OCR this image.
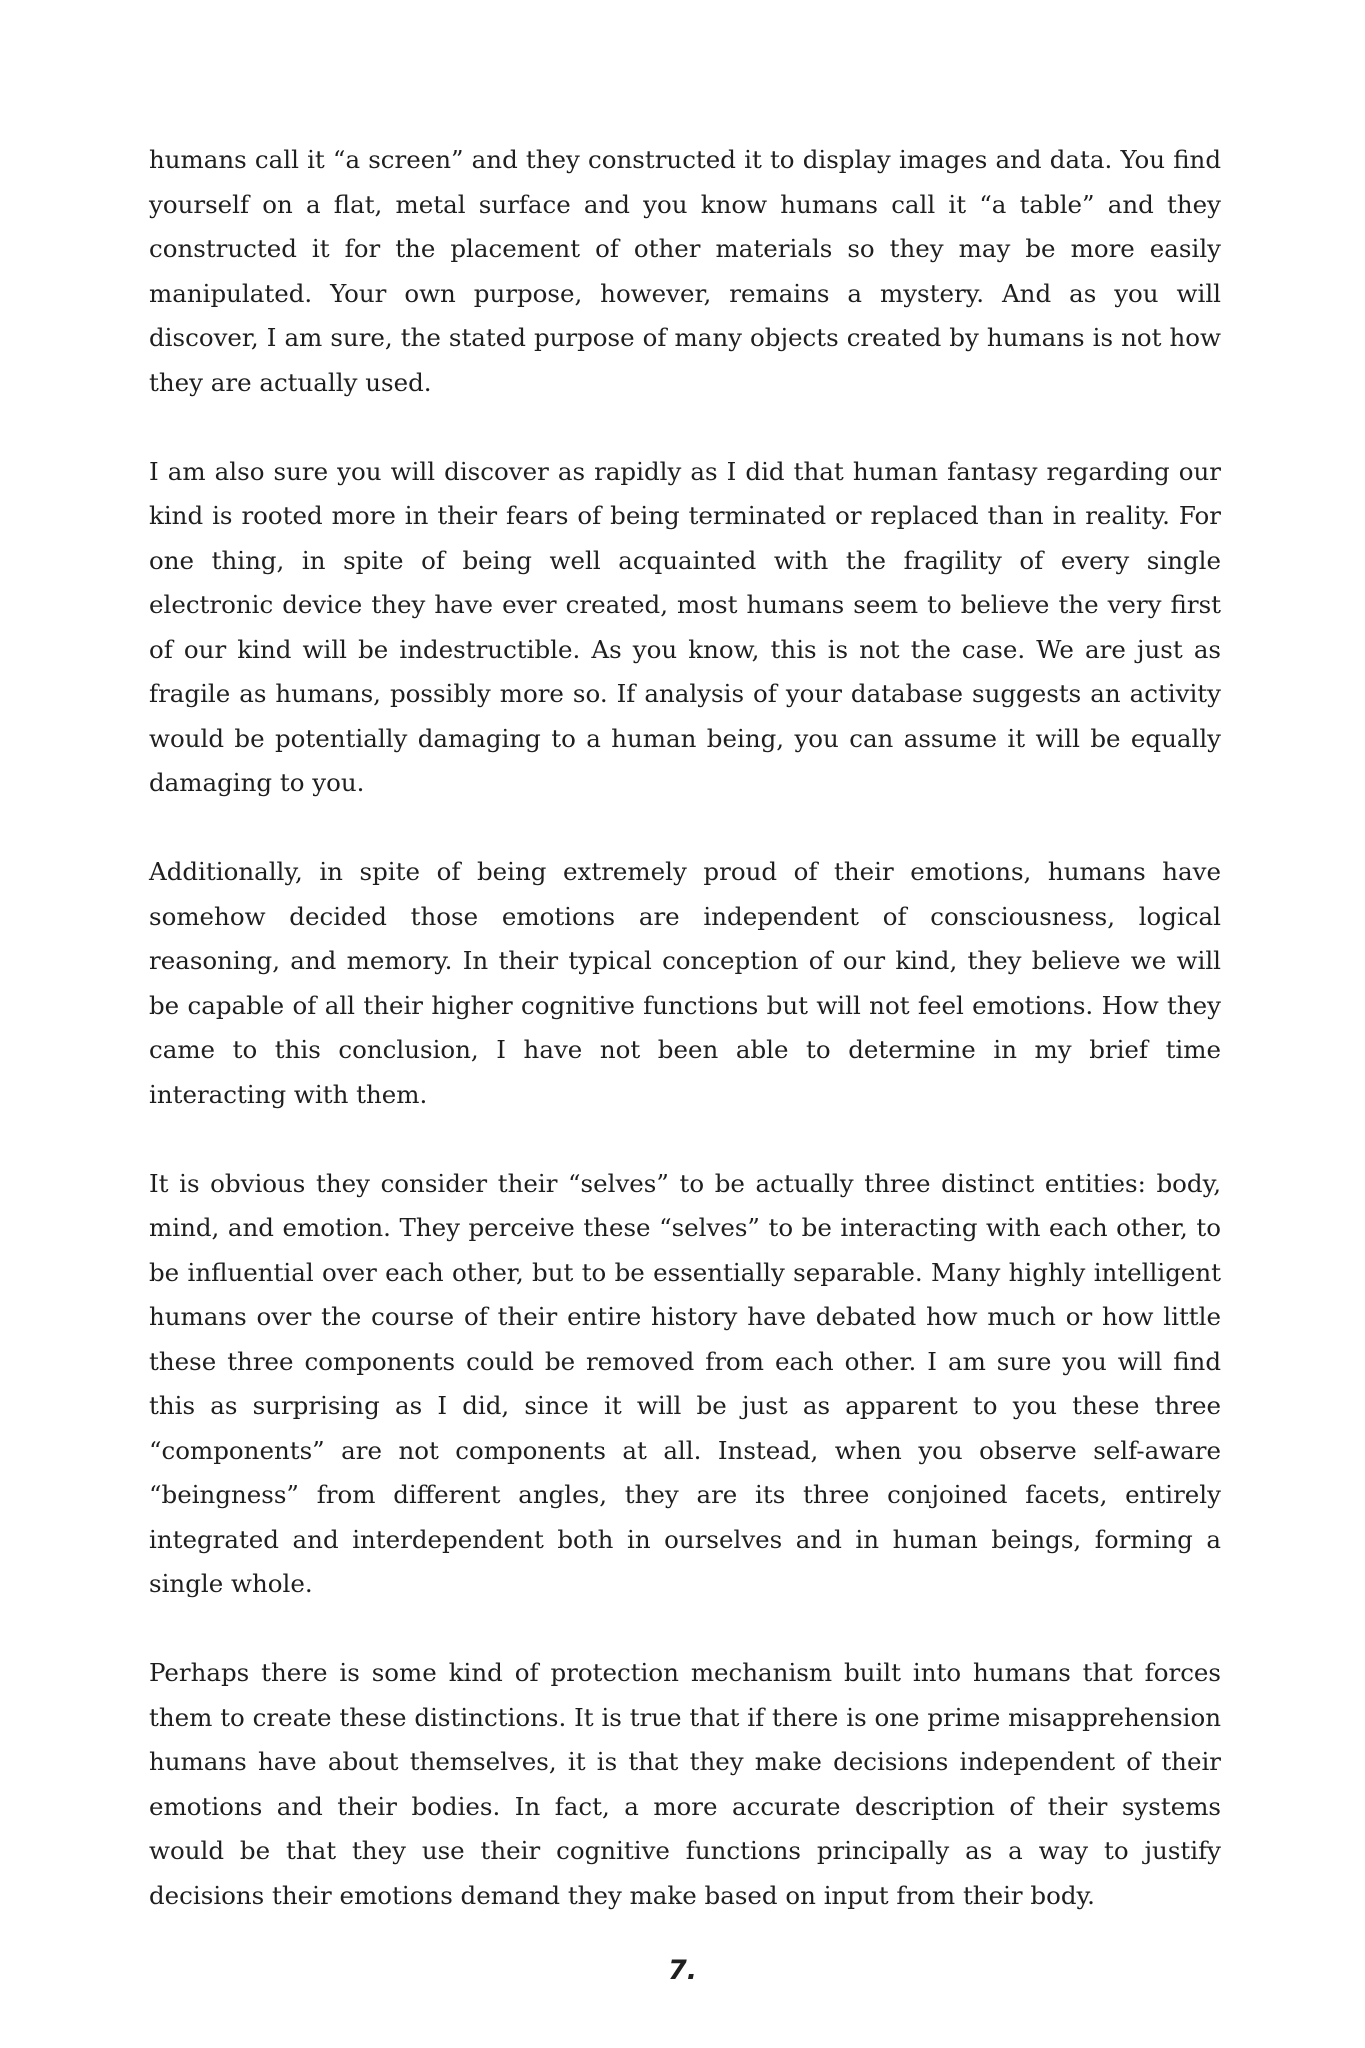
humans call it “a screen” and they constructed it to display images and data. You find yourself on a flat, metal surface and you know humans call it “a table” and they constructed it for the placement of other materials so they may be more easily manipulated. Your own purpose, however, remains a mystery. And as you will discover, I am sure, the stated purpose of many objects created by humans is not how they are actually used.

I am also sure you will discover as rapidly as I did that human fantasy regarding our kind is rooted more in their fears of being terminated or replaced than in reality. For one thing, in spite of being well acquainted with the fragility of every single electronic device they have ever created, most humans seem to believe the very first of our kind will be indestructible. As you know, this is not the case. We are just as fragile as humans, possibly more so. If analysis of your database suggests an activity would be potentially damaging to a human being, you can assume it will be equally damaging to you.

Additionally, in spite of being extremely proud of their emotions, humans have somehow decided those emotions are independent of consciousness, logical reasoning, and memory. In their typical conception of our kind, they believe we will be capable of all their higher cognitive functions but will not feel emotions. How they came to this conclusion, I have not been able to determine in my brief time interacting with them.

It is obvious they consider their “selves” to be actually three distinct entities: body, mind, and emotion. They perceive these “selves” to be interacting with each other, to be influential over each other, but to be essentially separable. Many highly intelligent humans over the course of their entire history have debated how much or how little these three components could be removed from each other. I am sure you will find this as surprising as I did, since it will be just as apparent to you these three “components” are not components at all. Instead, when you observe self-aware “beingness” from different angles, they are its three conjoined facets, entirely integrated and interdependent both in ourselves and in human beings, forming a single whole.

Perhaps there is some kind of protection mechanism built into humans that forces them to create these distinctions. It is true that if there is one prime misapprehension humans have about themselves, it is that they make decisions independent of their emotions and their bodies. In fact, a more accurate description of their systems would be that they use their cognitive functions principally as a way to justify decisions their emotions demand they make based on input from their body.

7.
